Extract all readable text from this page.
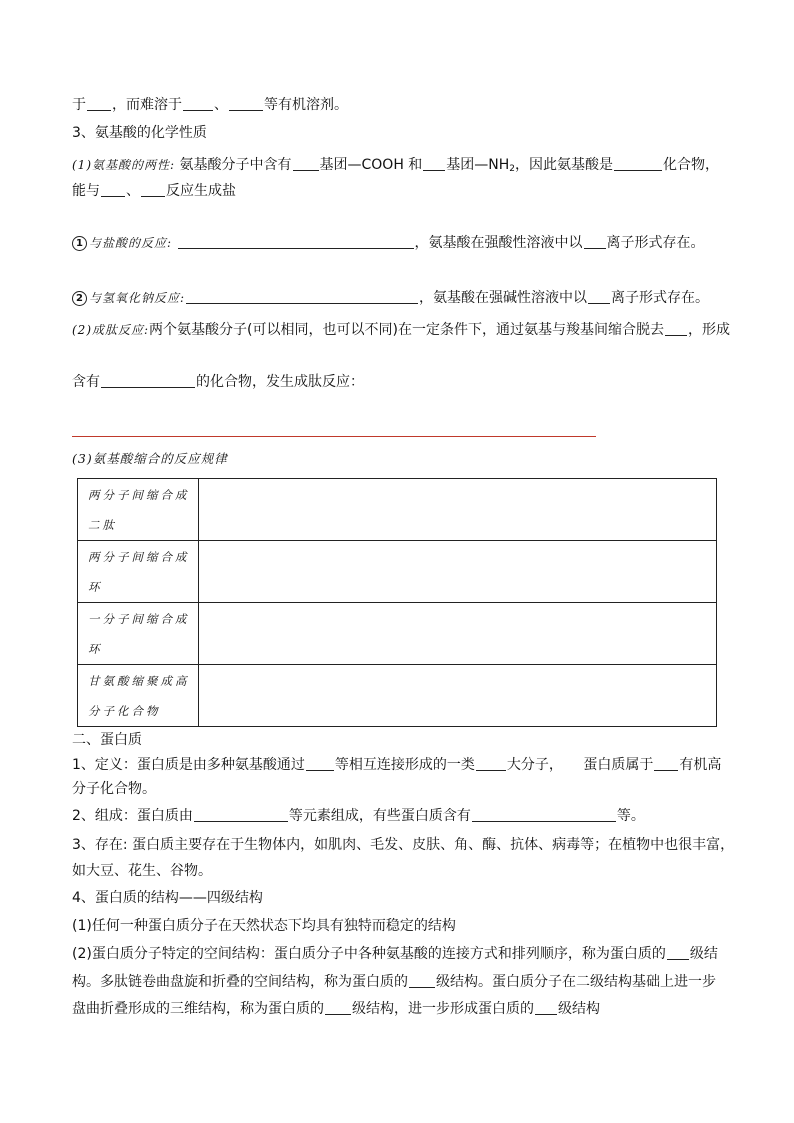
于 ，而难溶于 、	等有机溶剂。
3、氨基酸的化学性质
(1)氨基酸的两性: 氨基酸分子中含有 基团—COOH 和 基团$—NH_2$，因此氨基酸是	化合物，
能与 、 反应生成盐
1 与盐酸的反应:	，氨基酸在强酸性溶液中以 离子形式存在。
2 与氢氧化钠反应:	，氨基酸在强碱性溶液中以 离子形式存在。
(2)成肽反应:两个氨基酸分子(可以相同，也可以不同)在一定条件下，通过氨基与羧基间缩合脱去 ，形成
含有	的化合物，发生成肽反应：
(3)氨基酸缩合的反应规律
两分子间缩合成二肽	
两分子间缩合成环	
一分子间缩合成环	
甘氨酸缩聚成高分子化合物	
二、蛋白质
1、定义：蛋白质是由多种氨基酸通过 等相互连接形成的一类 大分子， 蛋白质属于 有机高
分子化合物。
2、组成：蛋白质由	等元素组成，有些蛋白质含有	等。
3、存在: 蛋白质主要存在于生物体内，如肌肉、毛发、皮肤、角、酶、抗体、病毒等；在植物中也很丰富，
如大豆、花生、谷物。
4、蛋白质的结构——四级结构
(1)任何一种蛋白质分子在天然状态下均具有独特而稳定的结构
(2)蛋白质分子特定的空间结构：蛋白质分子中各种氨基酸的连接方式和排列顺序，称为蛋白质的 级结
构。多肽链卷曲盘旋和折叠的空间结构，称为蛋白质的 级结构。蛋白质分子在二级结构基础上进一步
盘曲折叠形成的三维结构，称为蛋白质的 级结构，进一步形成蛋白质的 级结构
